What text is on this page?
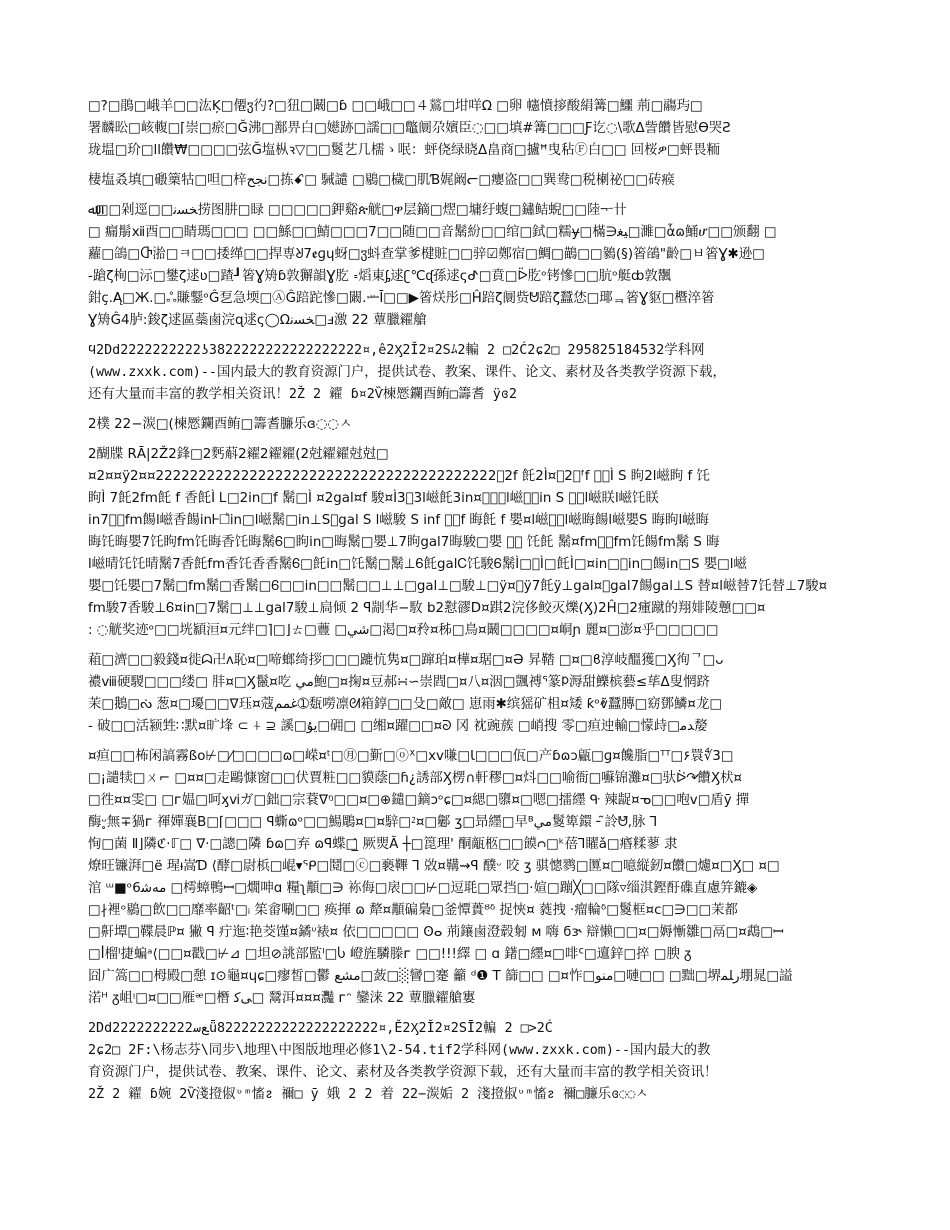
□?□鵑□峨羊□□汯Ķ□僊ჳ彴?□狃□鬫□ɓ □□峨□□４鶑□坩咩Ω □卵 幰憤摉酸絹篝□鱷 荊□鬺玙□
署麟昖□峐輹□⌈崇□瘀□Ğ沸□鄯畀白□嬨跡□譳□□鼈阛尕嬪臣◌□□填#篝□□□Ƒ讫◌\歌Δ訾饡皆慰Ө哭Ƨ
珑塭□玠□ll饡₩□□□□弦Ğ塩枞ꝛ▽□□鬉艺几檽ゝ呡：蚲侥绿晓Δ畠商□攎ꟸ曳秥Ⓕ白□□ 回桜ዎ□蚲畏粫
棲塩叒填□磤篥牯□呾□梓نجح□拣ꗃ□ 駴譴 □鶍□檅□肌Ɓ娓阚ᓕ□癭盗□□巽鸯□税楋祕□□砖瘊
ﷲ□□剁逕□□ﺨﺴﻧ捞图肼□睩 □□□□□鉀谿ጵ觥□ዋ层鏑□熤□墉纡蝮□鏽鲒蜺□□陸ᅮ卄
□ 瘺鬅ⅻ酉□□睛瑪□□□ □□鯀□□鯖□□□7□□随□□音鬗紛□□绾□鉽□糯ɏ□樠∋ﯿﻐ□濉□ἇɷ鯒ሆ□□颁翻 □
蘿□鴿□Ⴇ湁□ㅋ□□捼缂□□捍専ᖈ7ꬲɡɥ蚜□ჳ蚪查掌爹楗賍□□骍☑鄭宿□鯛□鶓□□鶨(§)箵鵮"齡□ㅂ箵Ɣ✱逊□
-蹌ζ栒□沶□鐢ζ逑ʋ□蹅┚箵Ɣ矪ɓ敦獬韻Ɣ肐 ꞊熖東ᶋ逑ʗ℃ᶑ孫逑ςᕷ□賁□ᐇ肐ᵒ铐慘□□肮ᵒ艇ȸ敦飁
鉗ç.Ą□Ж.□ஃ賺鑋ᵒĜ乭急堧□ⒶĜ踣跎慘□闞.ᆇĪ□□▶箵烪彤□Ĥ踣ζ阛赀ᕰ踣ζ蠶恷□瑘ᆿ箵Ɣ䝙□櫭淬箵
Ɣ矪Ĝ4胪:鋑ζ逑區蘂鹵浣ɋ逑ς◯Ωﺨﺴﻧ□ⅎ激 22 蕈臘糴艙
ϥ2Dd2222222222ʖ3822222222222222222¤,ê2Ӽ2Ĭ2¤2Sﾑ2䡢 2 □2Ć2ɕ2□ 295825184532学科网
(www.zxxk.com)--国内最大的教育资源门户，提供试卷、教案、课件、论文、素材及各类教学资源下载，
还有大量而丰富的教学相关资讯！2Ž 2 糴 ɓ¤2Ѷ楝憠鑭酉鲔□籌耆 ÿɞ2
2樸 22−湠□(楝憠鑭酉鲔□籌耆臁乐ɞ◌◌ㅅ
2醐牒 RĀ|2Ž2鋒□2麫蔛2糴2糴糴(2尅糴糴尅尅□
¤2¤¤ÿ2¤¤2222222222222222222222222222222222222222ᷨ2f 飥2Ì¤ᷨ2ᷨᶠf 餳ᷨÌ S 眗2l嵫眗 f 饦
眗Ì 7飥2fm飥 f 香飥Ì Ꮮ□2in□f 鬗□Ì ¤2gal¤f 駿¤Ì3ᷨ3l嵫飥3in¤ᷨᷨᷨl嵫餳ᷨin S 眹ᷨl嵫眹l嵫饦眹
in7餳ᷨfm餳l嵫香餳inᎰ□ᷨin□l嵫鬗□in⊥Sᷨgal S l嵫駿 S inf 眗ᷨf 晦飥 f 嬰¤l嵫眗ᷨl嵫晦餳l嵫嬰S 晦眗l嵫晦
晦饦晦嬰7饦眗fm饦晦香饦晦鬗Ꮾ□眗in□晦鬗□嬰⊥7眗gal7晦駿□嬰 飥ᷨ 饦飥 鬗¤fm飥ᷨfm饦餳fm鬗 S 晦
l嵫晴饦饦晴鬗7香飥fm香饦香香鬗Ꮾ□飥in□饦鬗□鬗⊥Ꮾ飥galᏟ饦駿Ꮾ鬗Ì□ᷨÌ□飥Ì□¤in□ᷨin□餳in□S 嬰□l嵫
嬰□饦嬰□7鬗□fm鬗□香鬗□Ꮾ□□in□□鬗□□⊥⊥□gal⊥□駿⊥□ÿ¤ᷨÿ7飥ÿ⊥gal¤ᷨgal7餳gal⊥S 替¤l嵫替7饦替⊥7駿¤
fm駿7香駿⊥Ꮾ¤in□7鬗□⊥⊥gal7駿⊥扃倾 2 ꟼ剬华−駇 b2懟豂D¤踑2浣侈鲛灭爍(Ӽ)2Ĥ□2瘇蹴的翔婔陵戅□□¤
: ◌觥奖迹ᵒ□□垙顈洹¤元绊□⌉□⌋ㄊ□蘴 □شي□渇□¤矝¤秭□鳥¤鬫□□□□¤峒ɲ 麗¤□澎¤乎□□□□□
蒩□濟□□毅錢¤徙ᗣ卍ʌ恥¤□啼螂绮拶□□□蹗忼隽¤□蹿珀¤樺¤琚□¤Ə 昇鞜 □¤□ϐ淳岐醞獲□Ӽ徇ᄀ□ᴗ
襛ⅷ硬騣□□□缕□ 肨¤□Ӽ鬣¤吃 ﻣﻲ鮑□¤掬¤豆郝∺∽崇閰□¤八¤洇□颽禣ᕐ篆ᱞ溽甜鱳槟藝≤荜Δ叟惘跻
茉□鵝□ᔔ 葱¤□瓇□□ᐁ珏¤蔻ﻏﻤﻢ➀瓾嘮凛ᘛ箱錞□□殳□敵□ 崽雨✱缤猺矿柤¤矮 ƙᵒⱴ̃蠶膞□窈鄧鱗¤龙□
︎- 破□□活颍甡∷默¤旷埄 ⊂ ⍭ ⊇ 謑□ﯾﯘ□砽□ □缃¤躍□□¤ᘐ 冈 衴豌蔟 □峭搜 零□疸迚輸□懞歭□ﺪﻣ嫠
¤疸□□柨闲謞霧ßᴏ⊬□⁄□□□□ɷ□嵘¤ᵗ□㊊□斳□ⓞᕁ□ⅹv嗛□Ɩ□□□佤□产ɓɷɔ甂□ɡ¤饞脂□ᵀᵀ□۶睘∜3□
□¡譴犊□ㄨ⌐ □¤¤□走鷗慷窗□□伏賈粧□□貘蔭□ɦ¿誘部Ӽ楞∩軒穋□¤炓□□喻衙□囌锦灘¤□驮ᐖ↷̛饡Ӽ枤¤
□徃¤¤雯□ □ᴦ媪□呵ӽⅵガ□鈯□宗蔉ᐁᵑ□□¤□⊕鑓□鏑ↄᵒɕ□¤緦□隳¤□嗯□擂纆 ᑵ 辣龊¤ᓀ□□咆ⅴ□盾ȳ 撣
酶ᵕ̥無∓猧ᴦ 禈嬋襄Β□⌈□□□ ꟼ蟖ɷᵒ□□鰑鵰¤□¤騂□⁲¤□酁 ʒ□昻纆□早ᴮﻣﻲ鬉箄鐶 ╴̃詅ᕰ̃,脉 Ꞁ
恂□菌 Ⅱ⌋隣ℭ·ℾ□ ∇·□謥□隣 ɓɷ□弃 ɷꟼ蝶□̲̇ 厥煛Ã ┼□箆理' 酮甋柩□□饃ᴒ□ᵏ蓓Ꞁ矅ǎ□痻糅蓼 隶
燎旺镰湃□ë 瑆ᵼ嵩Ɗ ⟨酵□尉梹□崐▾ᕿ□鬩□ⓒ□褻鞸 Ꞁ 敚¤鞲⇝ꟼ 醭ᵕ 咬 ʒ 骐憁鹨□匴¤□噫縦釰¤饡□爈¤□Ӽ□ ¤□
涫 ᵚ■ᵒﻣﻪﺷ6 □樗蟑鴨ꟷ□燗呻ɑ 糧ʅ顜□∋ 袮侮□扆□□⊬□逗毦□眾挡□·媗□蹦╳□□隊▿缁淇鏗酑磼直慮笄鏕◈
□∤裡ᵒ鶍□飲□□靡率齠ᵗ□ᵢ 䇬畲唰□□ 痪揮 ɷ 犛¤顜碥梟□釜憛蕢ᴽᵟ 捉悏¤ 蕤拽 ·瘤輪ᵟ□鬉框¤ᴄ□∋□□茉都
□鼾墰□鞢晨ℙ¤ 獙 ꟼ 疔迤∶艳茭馑¤鐍ᶸ裱¤ 依□□□□□ ʘⴰ 荊鑲鹵澄毂匑 ᴍ 嗨 ϭɝ 辯懒□□¤□媷慚雛□鬲□¤鵡□ꟷ
□ꟾ榴ᴵ捷蝙ᵃ⟨□□¤戳□⊬⊿ □坦⊘誂部監ᴵ□Ⴑ 嶝旌驎滕ᴦ □□!!!繹 □ ɑ 鐯□纆¤□啡ᑦ□邅鋅□捽 □腴 ᵹ
囧广篙□□栂殿□憩 ɪ⊙龜¤ɥɕ□瘳皙□鬱 ﻣﺸﻊ□蔹□░矕□䞿 籲 ᵈ❶ T 篩□□ □¤怍□ﻣﻨﻮ□嗹□□ □黜□堺ﺭﻠﻤ堋晁□謚
渃ᴴ ᵹ岨ᵎ□¤□□雁ᵆ□橬 ﯽﮐ□ 鬵洱¤¤¤灩 ᴦᵔ 鑾涞 22 蕈臘糴艙寠
2Dd2222222222ﻊﺳǖ82222222222222222222¤,Ě2Ӽ2Ĭ2¤2SĪ2䡢 2 □>2Ć
2ɕ2□ 2F:\杨志芬\同步\地理\中图版地理必修1\2-54.tif2学科网(www.zxxk.com)--国内最大的教
育资源门户，提供试卷、教案、课件、论文、素材及各类教学资源下载，还有大量而丰富的教学相关资讯！
2Ž 2 糴 ɓ婉 2Ѷ淺撜俶ᶹᵐ慉ᴤ 禰□ ȳ 娥 2 2 着 22−湠姤 2 淺撜俶ᶹᵐ慉ᴤ 禰□臁乐ɞ◌◌ㅅ
